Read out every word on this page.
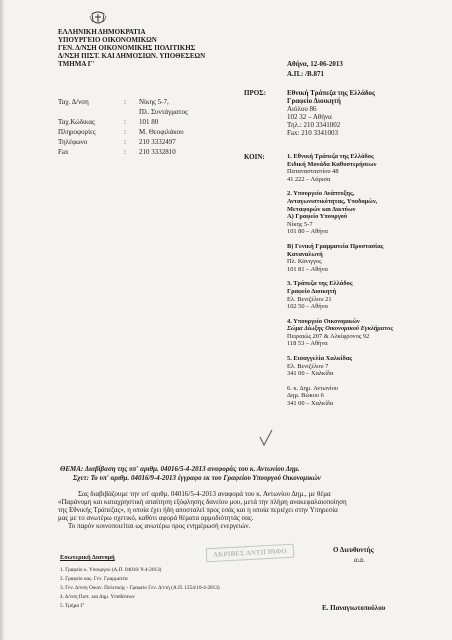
ΕΛΛΗΝΙΚΗ ΔΗΜΟΚΡΑΤΙΑ
ΥΠΟΥΡΓΕΙΟ ΟΙΚΟΝΟΜΙΚΩΝ
ΓΕΝ. Δ/ΝΣΗ ΟΙΚΟΝΟΜΙΚΗΣ ΠΟΛΙΤΙΚΗΣ
Δ/ΝΣΗ ΠΙΣΤ. ΚΑΙ ΔΗΜΟΣΙΩΝ. ΥΠΟΘΕΣΕΩΝ
ΤΜΗΜΑ Γ'	Αθήνα, 12-06-2013
Α.Π.: /Β.871
Ταχ. Δ/νση	: Νίκης 5-7,
Πλ. Συντάγματος
Ταχ.Κώδικας	: 101 80
Πληροφορίες	: Μ. Θεοφιλάκου
Τηλέφωνο	: 210 3332497
Fax	: 210 3332810
ΠΡΟΣ:	Εθνική Τράπεζα της Ελλάδος
Γραφείο Διοικητή
Αιόλου 86
102 32 – Αθήνα
Τηλ.: 210 3341002
Fax: 210 3341003
ΚΟΙΝ:	1. Εθνική Τράπεζα της Ελλάδος
Ειδική Μονάδα Καθυστερήσεων
Πατανασταστίου 48
41 222 – Λάρισα
2. Υπουργείο Ανάπτυξης,
Ανταγωνιστικότητας, Υποδομών,
Μεταφορών και Δικτύων
Α) Γραφείο Υπουργού
Νίκης 5-7
101 80 – Αθήνα
Β) Γενική Γραμματεία Προστασίας
Καταναλωτή
Πλ. Κάνιγγος
101 81 – Αθήνα
3. Τράπεζα της Ελλάδος
Γραφείο Διοικητή
Ελ. Βενιζέλου 21
102 50 – Αθήνα
4. Υπουργείο Οικονομικών
Σώμα Δίωξης Οικονομικού Εγκλήματος
Πειραιώς 207 & Αλκίφρονος 92
118 53 – Αθήνα
5. Εισαγγελία Χαλκίδας
Ελ. Βενιζέλου 7
341 00 – Χαλκίδα
6. κ. Δημ. Αντωνίου
Δημ. Βώκου 6
341 00 – Χαλκίδα
ΘΕΜΑ: Διαβίβαση της υπ' αριθμ. 04016/5-4-2013 αναφοράς του κ. Αντωνίου Δημ.
Σχετ: Το υπ' αριθμ. 04016/9-4-2013 έγγραφο εκ του Γραφείου Υπουργού Οικονομικών
Σας διαβιβάζουμε την υπ' αριθμ. 04016/5-4-2013 αναφορά του κ. Αντωνίου Δημ., με θέμα
«Παράνομη και καταχρηστική απαίτηση εξόφλησης δανείου μου, μετά την πλήρη ανακεφαλαιοποίηση
της Εθνικής Τράπεζας», η οποία έχει ήδη αποσταλεί προς εσάς και η οποία περιέχει στην Υπηρεσία
μας με το ανωτέρω σχετικό, καθότι αφορά θέματα αρμοδιότητάς σας.
Το παρόν κοινοποιείται ως ανωτέρω προς ενημέρωσή ενεργειών.
Ο Διευθυντής
α.α.
Ε. Παναγιωτοπούλου
Εσωτερική Διανομή
1. Γραφείο κ. Υπουργού (Α.Π. 04016/ 9-4-2013)
2. Γραφείο κας. Γεν. Γραμματέα
3. Γεν. Δ/νση Οικον. Πολιτικής - Γραφείο Γεν. Δ/ντή (Α.Π. 1254/10-4-2013)
4. Δ/νση Πιστ. και Δημ. Υποθέσεων
5. Τμήμα Γ'
ΑΚΡΙΒΕΣ ΑΝΤΙΓΡΑΦΟ
